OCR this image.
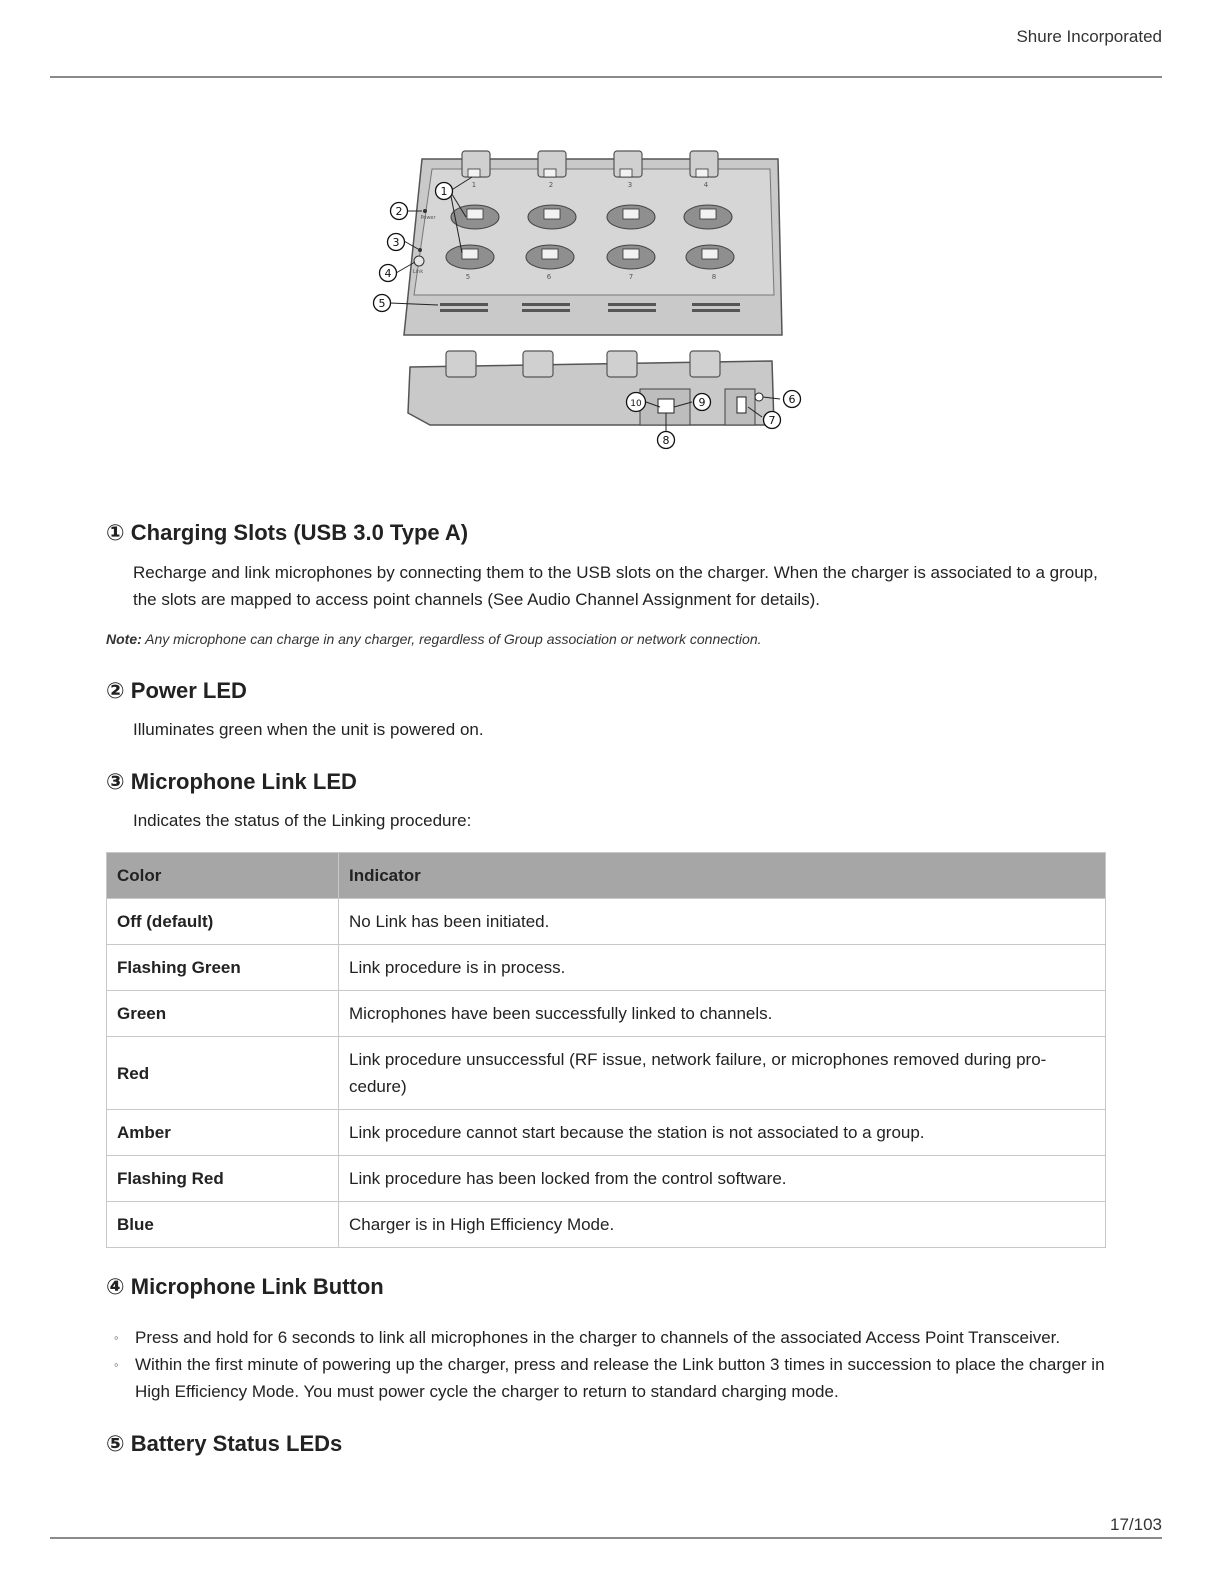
Shure Incorporated
1	2	3	4
5	6	7	8
Power
Link
1
2
3
4
5
6
7
8
9
10
① Charging Slots (USB 3.0 Type A)

Recharge and link microphones by connecting them to the USB slots on the charger. When the charger is associated to a group, the slots are mapped to access point channels (See Audio Channel Assignment for details).

Note: Any microphone can charge in any charger, regardless of Group association or network connection.

② Power LED

Illuminates green when the unit is powered on.

③ Microphone Link LED

Indicates the status of the Linking procedure:

Color	Indicator
Off (default)	No Link has been initiated.
Flashing Green	Link procedure is in process.
Green	Microphones have been successfully linked to channels.
Red	Link procedure unsuccessful (RF issue, network failure, or microphones removed during procedure)
Amber	Link procedure cannot start because the station is not associated to a group.
Flashing Red	Link procedure has been locked from the control software.
Blue	Charger is in High Efficiency Mode.
④ Microphone Link Button
◦ Press and hold for 6 seconds to link all microphones in the charger to channels of the associated Access Point Transceiver.
◦ Within the first minute of powering up the charger, press and release the Link button 3 times in succession to place the charger in High Efficiency Mode. You must power cycle the charger to return to standard charging mode.
⑤ Battery Status LEDs
17/103
